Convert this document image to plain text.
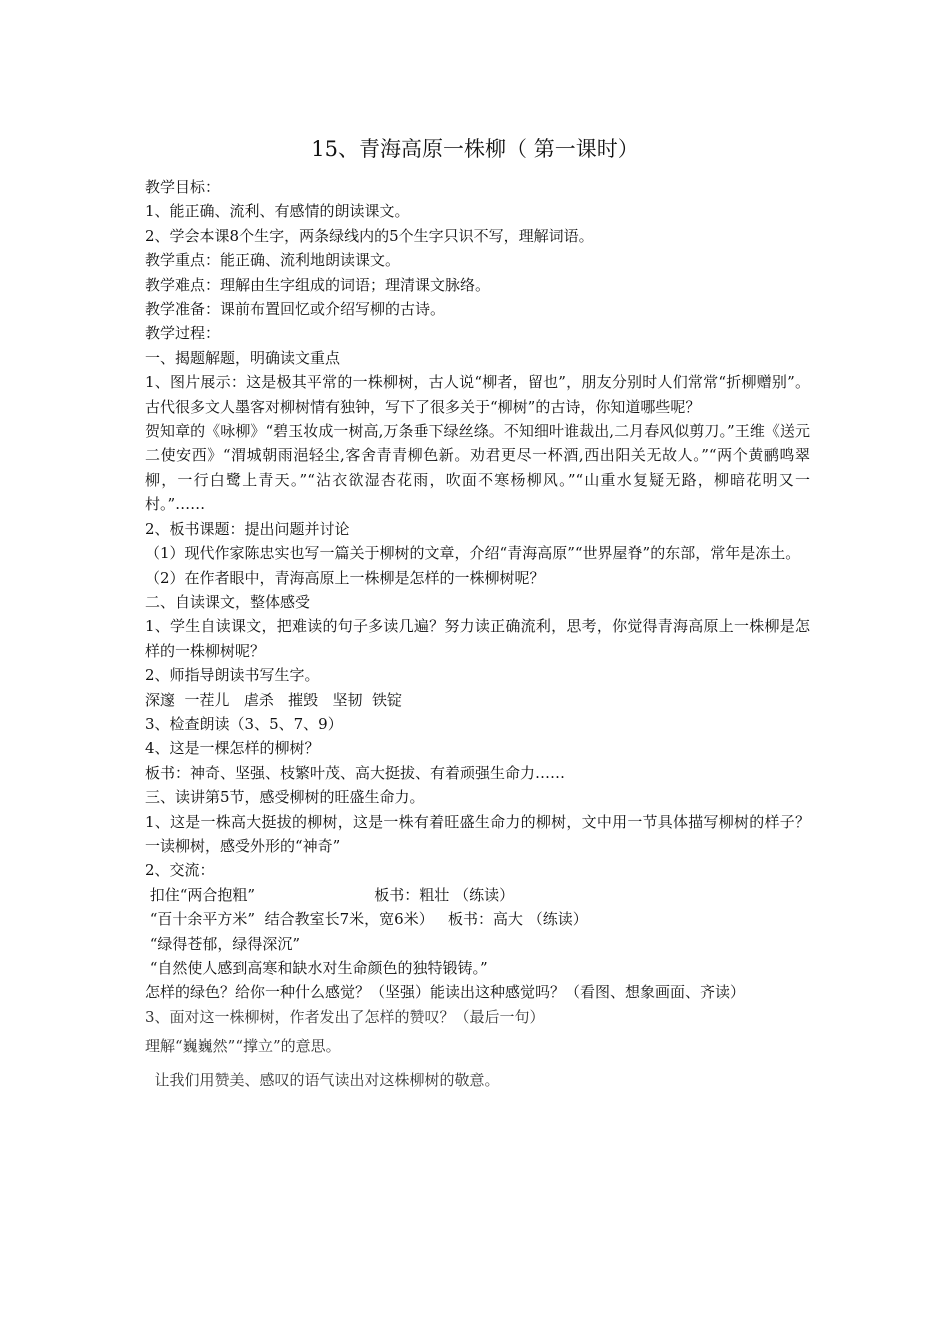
15、青海高原一株柳（ 第一课时）

教学目标：

1、能正确、流利、有感情的朗读课文。

2、学会本课8个生字，两条绿线内的5个生字只识不写，理解词语。

教学重点：能正确、流利地朗读课文。

教学难点：理解由生字组成的词语；理清课文脉络。

教学准备：课前布置回忆或介绍写柳的古诗。

教学过程：

一、揭题解题，明确读文重点

1、图片展示：这是极其平常的一株柳树，古人说“柳者，留也”，朋友分别时人们常常“折柳赠别”。古代很多文人墨客对柳树情有独钟，写下了很多关于“柳树”的古诗，你知道哪些呢？

贺知章的《咏柳》“碧玉妆成一树高,万条垂下绿丝绦。不知细叶谁裁出,二月春风似剪刀。”王维《送元二使安西》“渭城朝雨浥轻尘,客舍青青柳色新。劝君更尽一杯酒,西出阳关无故人。”“两个黄鹂鸣翠柳，一行白鹭上青天。”“沾衣欲湿杏花雨，吹面不寒杨柳风。”“山重水复疑无路，柳暗花明又一村。”……

2、板书课题：提出问题并讨论

（1）现代作家陈忠实也写一篇关于柳树的文章，介绍“青海高原”“世界屋脊”的东部，常年是冻土。

（2）在作者眼中，青海高原上一株柳是怎样的一株柳树呢？

二、自读课文，整体感受

1、学生自读课文，把难读的句子多读几遍？努力读正确流利，思考，你觉得青海高原上一株柳是怎样的一株柳树呢？

2、师指导朗读书写生字。

深邃  一茬儿   虐杀   摧毁   坚韧  铁锭

3、检查朗读（3、5、7、9）

4、这是一棵怎样的柳树？

板书：神奇、坚强、枝繁叶茂、高大挺拔、有着顽强生命力……

三、读讲第5节，感受柳树的旺盛生命力。

1、这是一株高大挺拔的柳树，这是一株有着旺盛生命力的柳树，文中用一节具体描写柳树的样子？一读柳树，感受外形的“神奇”

2、交流：

扣住“两合抱粗”                         板书：粗壮 （练读）

“百十余平方米”  结合教室长7米，宽6米）   板书：高大 （练读）

“绿得苍郁，绿得深沉”

“自然使人感到高寒和缺水对生命颜色的独特锻铸。”

怎样的绿色？给你一种什么感觉？（坚强）能读出这种感觉吗？（看图、想象画面、齐读）

3、面对这一株柳树，作者发出了怎样的赞叹？（最后一句）

理解“巍巍然”“撑立”的意思。

让我们用赞美、感叹的语气读出对这株柳树的敬意。
